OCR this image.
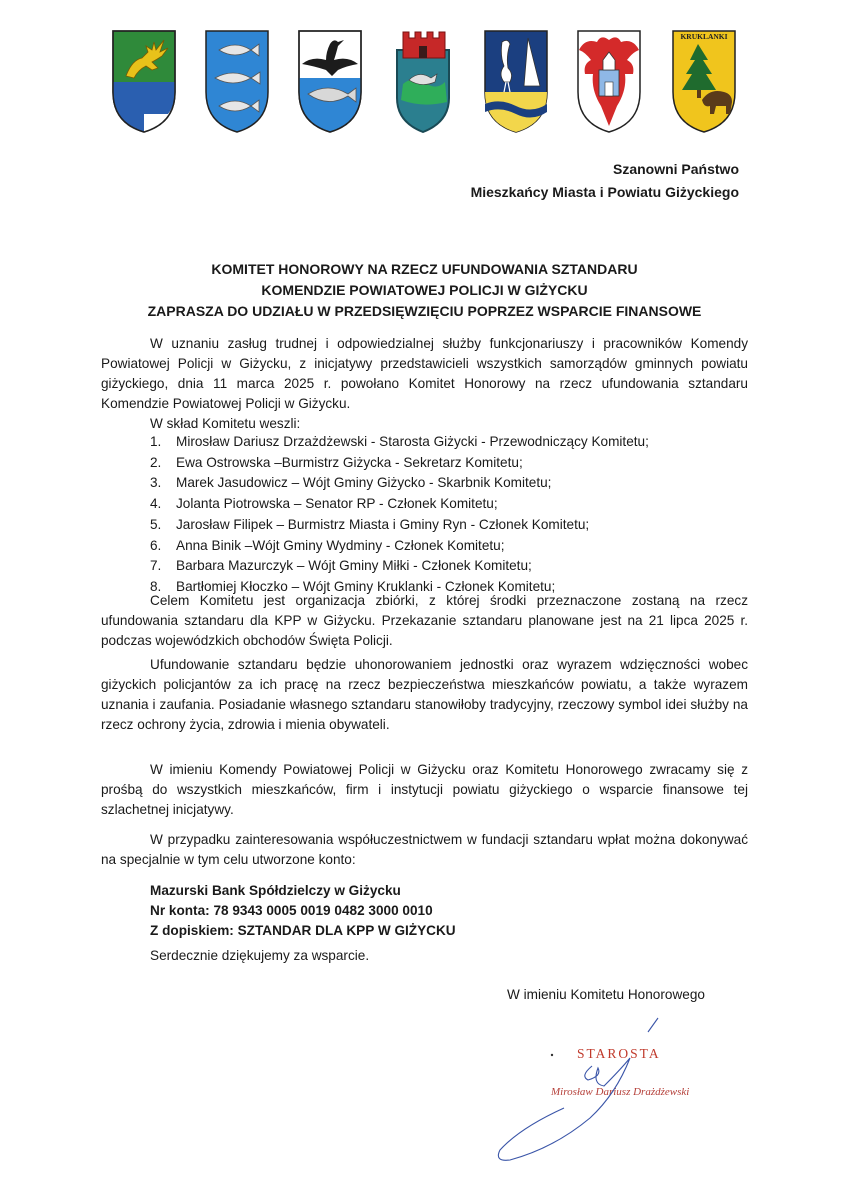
KRUKLANKI
Szanowni Państwo
Mieszkańcy Miasta i Powiatu Giżyckiego
KOMITET HONOROWY NA RZECZ UFUNDOWANIA SZTANDARU
KOMENDZIE POWIATOWEJ POLICJI W GIŻYCKU
ZAPRASZA DO UDZIAŁU W PRZEDSIĘWZIĘCIU POPRZEZ WSPARCIE FINANSOWE
W uznaniu zasług trudnej i odpowiedzialnej służby funkcjonariuszy i pracowników Komendy Powiatowej Policji w Giżycku, z inicjatywy przedstawicieli wszystkich samorządów gminnych powiatu giżyckiego, dnia 11 marca 2025 r. powołano Komitet Honorowy na rzecz ufundowania sztandaru Komendzie Powiatowej Policji w Giżycku.
W skład Komitetu weszli:
1. Mirosław Dariusz Drzażdżewski - Starosta Giżycki - Przewodniczący Komitetu;
2. Ewa Ostrowska –Burmistrz Giżycka - Sekretarz Komitetu;
3. Marek Jasudowicz – Wójt Gminy Giżycko - Skarbnik Komitetu;
4. Jolanta Piotrowska – Senator RP - Członek Komitetu;
5. Jarosław Filipek – Burmistrz Miasta i Gminy Ryn - Członek Komitetu;
6. Anna Binik –Wójt Gminy Wydminy - Członek Komitetu;
7. Barbara Mazurczyk – Wójt Gminy Miłki - Członek Komitetu;
8. Bartłomiej Kłoczko – Wójt Gminy Kruklanki - Członek Komitetu;
Celem Komitetu jest organizacja zbiórki, z której środki przeznaczone zostaną na rzecz ufundowania sztandaru dla KPP w Giżycku. Przekazanie sztandaru planowane jest na 21 lipca 2025 r. podczas wojewódzkich obchodów Święta Policji.
Ufundowanie sztandaru będzie uhonorowaniem jednostki oraz wyrazem wdzięczności wobec giżyckich policjantów za ich pracę na rzecz bezpieczeństwa mieszkańców powiatu, a także wyrazem uznania i zaufania. Posiadanie własnego sztandaru stanowiłoby tradycyjny, rzeczowy symbol idei służby na rzecz ochrony życia, zdrowia i mienia obywateli.
W imieniu Komendy Powiatowej Policji w Giżycku oraz Komitetu Honorowego zwracamy się z prośbą do wszystkich mieszkańców, firm i instytucji powiatu giżyckiego o wsparcie finansowe tej szlachetnej inicjatywy.
W przypadku zainteresowania współuczestnictwem w fundacji sztandaru wpłat można dokonywać na specjalnie w tym celu utworzone konto:
Mazurski Bank Spółdzielczy w Giżycku
Nr konta: 78 9343 0005 0019 0482 3000 0010
Z dopiskiem: SZTANDAR DLA KPP W GIŻYCKU
Serdecznie dziękujemy za wsparcie.
W imieniu Komitetu Honorowego
STAROSTA
Mirosław Dariusz Drażdżewski
